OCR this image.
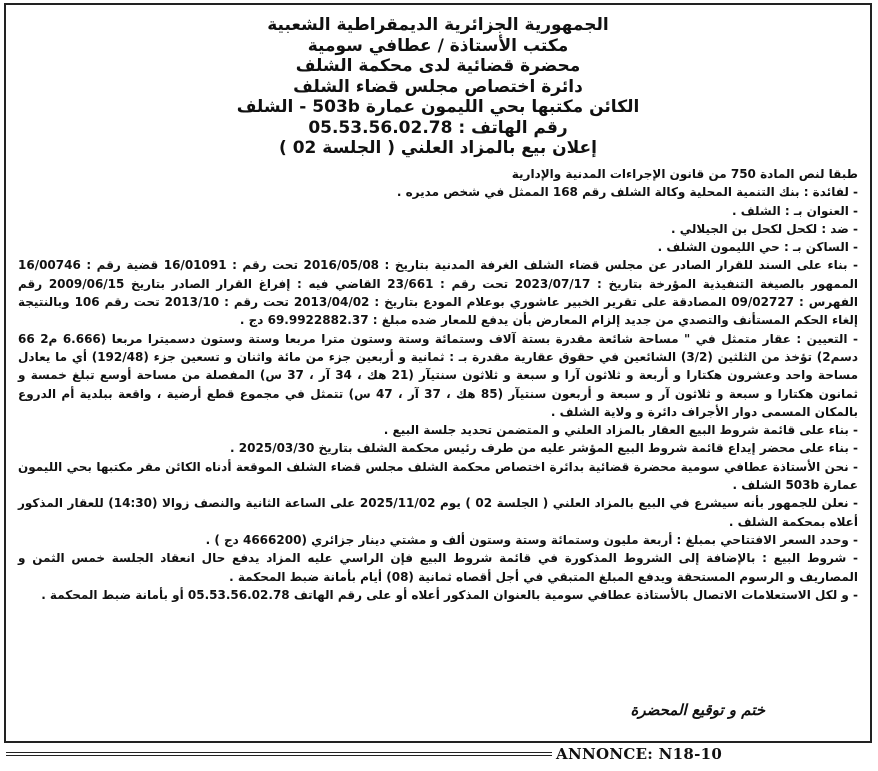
الجمهورية الجزائرية الديمقراطية الشعبية
مكتب الأستاذة / عطافي سومية
محضرة قضائية لدى محكمة الشلف
دائرة اختصاص مجلس قضاء الشلف
الكائن مكتبها بحي الليمون عمارة 503b - الشلف
رقم الهاتف : 05.53.56.02.78
إعلان بيع بالمزاد العلني ( الجلسة 02 )

طبقا لنص المادة 750 من قانون الإجراءات المدنية والإدارية

- لفائدة : بنك التنمية المحلية وكالة الشلف رقم 168 الممثل في شخص مديره .

- العنوان بـ : الشلف .

- ضد : لكحل لكحل بن الجيلالي .

- الساكن بـ : حي الليمون الشلف .

- بناء على السند للقرار الصادر عن مجلس قضاء الشلف الغرفة المدنية بتاريخ : 2016/05/08 تحت رقم : 16/01091 قضية رقم : 16/00746 الممهور بالصيغة التنفيذية المؤرخة بتاريخ : 2023/07/17 تحت رقم : 23/661 القاضي فيه : إفراغ القرار الصادر بتاريخ 2009/06/15 رقم الفهرس : 09/02727 المصادقة على تقرير الخبير عاشوري بوعلام المودع بتاريخ : 2013/04/02 تحت رقم : 2013/10 تحت رقم 106 وبالنتيجة إلغاء الحكم المستأنف والتصدي من جديد إلزام المعارض بأن يدفع للمعار ضده مبلغ : 69.9922882.37 دج .

- التعيين : عقار متمثل في " مساحة شائعة مقدرة بستة آلاف وستمائة وستة وستون مترا مربعا وستة وستون دسميترا مربعا (6.666 م2 66 دسم2) تؤخذ من الثلثين (3/2) الشائعين في حقوق عقارية مقدرة بـ : ثمانية و أربعين جزء من مائة واثنان و تسعين جزء (192/48) أي ما يعادل مساحة واحد وعشرون هكتارا و أربعة و ثلاثون آرا و سبعة و ثلاثون سنتيآر (21 هك ، 34 آر ، 37 س) المفصلة من مساحة أوسع تبلغ خمسة و ثمانون هكتارا و سبعة و ثلاثون آر و سبعة و أربعون سنتيآر (85 هك ، 37 آر ، 47 س) تتمثل في مجموع قطع أرضية ، واقعة ببلدية أم الدروع بالمكان المسمى دوار الأجراف دائرة و ولاية الشلف .

- بناء على قائمة شروط البيع العقار بالمزاد العلني و المتضمن تحديد جلسة البيع .

- بناء على محضر إيداع قائمة شروط البيع المؤشر عليه من طرف رئيس محكمة الشلف بتاريخ 2025/03/30 .

- نحن الأستاذة عطافي سومية محضرة قضائية بدائرة اختصاص محكمة الشلف مجلس قضاء الشلف الموقعة أدناه الكائن مقر مكتبها بحي الليمون عمارة 503b الشلف .

- نعلن للجمهور بأنه سيشرع في البيع بالمزاد العلني ( الجلسة 02 ) يوم 2025/11/02 على الساعة الثانية والنصف زوالا (14:30) للعقار المذكور أعلاه بمحكمة الشلف .

- وحدد السعر الافتتاحي بمبلغ : أربعة مليون وستمائة وستة وستون ألف و مشتي دينار جزائري (4666200 دج ) .

- شروط البيع : بالإضافة إلى الشروط المذكورة في قائمة شروط البيع فإن الراسي عليه المزاد يدفع حال انعقاد الجلسة خمس الثمن و المصاريف و الرسوم المستحقة ويدفع المبلغ المتبقي في أجل أقصاه ثمانية (08) أيام بأمانة ضبط المحكمة .

- و لكل الاستعلامات الاتصال بالأستاذة عطافي سومية بالعنوان المذكور أعلاه أو على رقم الهاتف 05.53.56.02.78 أو بأمانة ضبط المحكمة .

ختم و توقيع المحضرة
ANNONCE: N18-10
